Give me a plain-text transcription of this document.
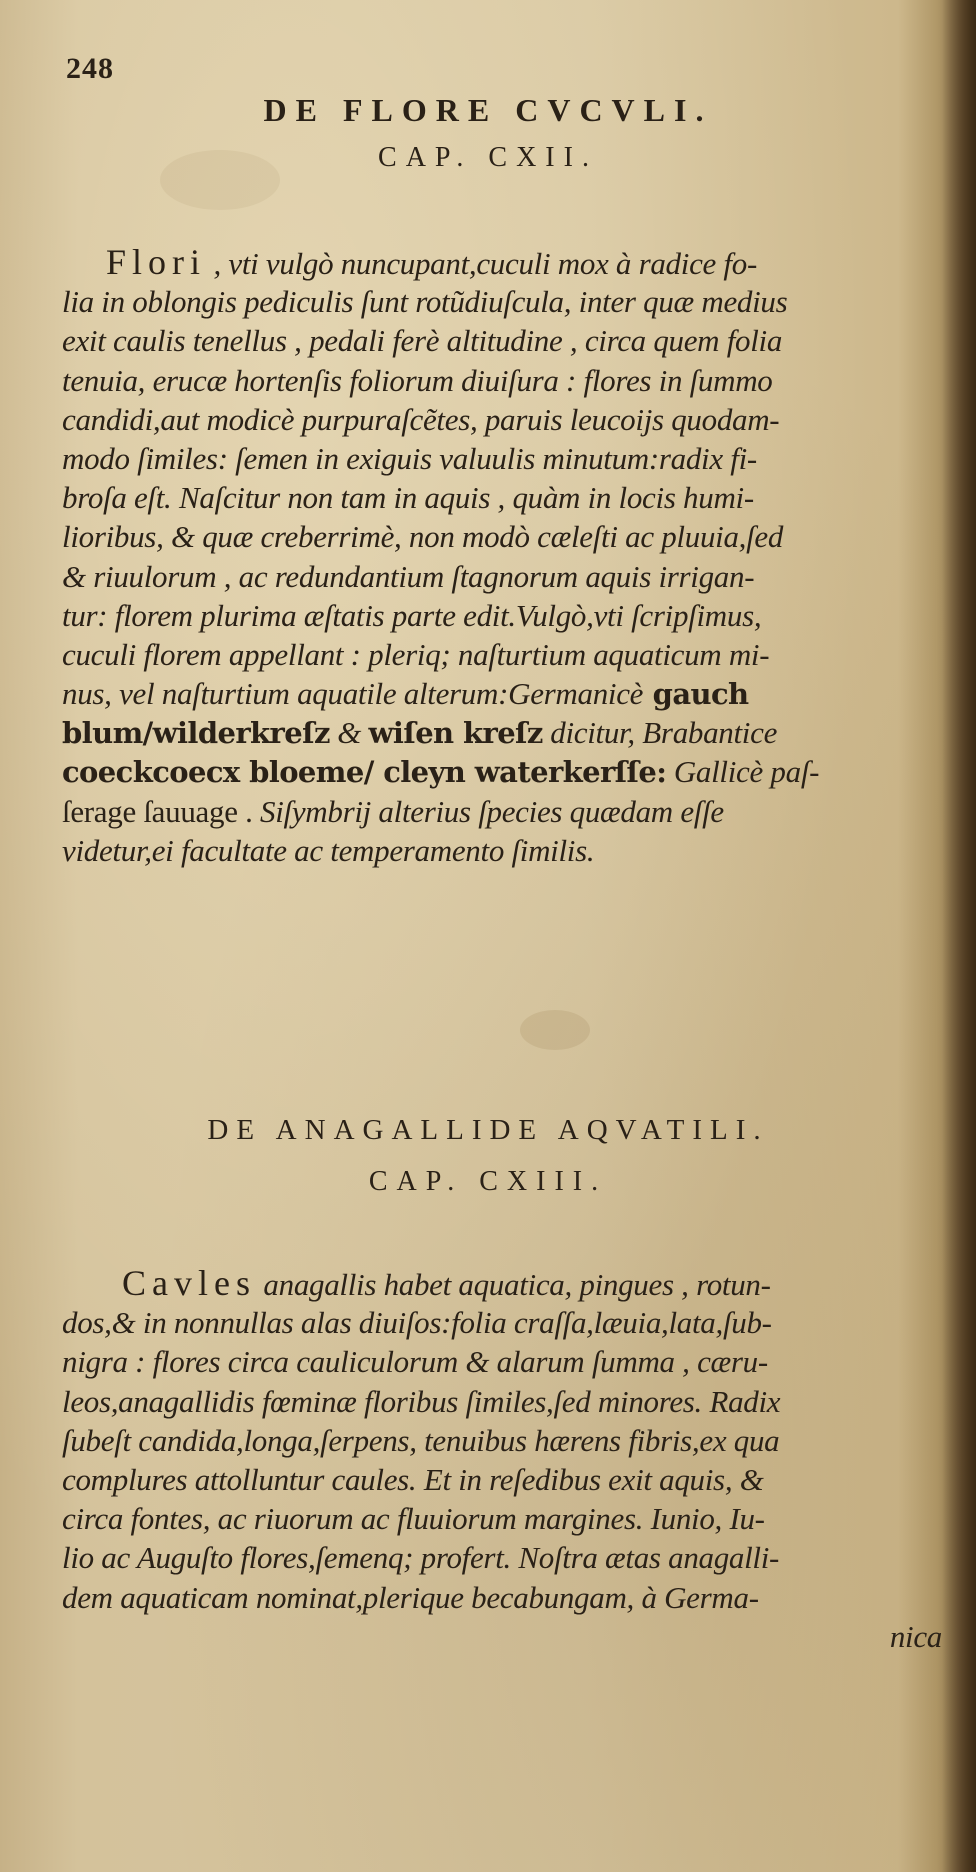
248
DE FLORE CVCVLI.
CAP. CXII.
Flori , vti vulgò nuncupant,cuculi mox à radice fo-
lia in oblongis pediculis ſunt rotũdiuſcula, inter quæ medius
exit caulis tenellus , pedali ferè altitudine , circa quem folia
tenuia, erucæ hortenſis foliorum diuiſura : flores in ſummo
candidi,aut modicè purpuraſcẽtes, paruis leucoijs quodam-
modo ſimiles: ſemen in exiguis valuulis minutum:radix fi-
broſa eſt. Naſcitur non tam in aquis , quàm in locis humi-
lioribus, & quæ creberrimè, non modò cæleſti ac pluuia,ſed
& riuulorum , ac redundantium ſtagnorum aquis irrigan-
tur: florem plurima æſtatis parte edit.Vulgò,vti ſcripſimus,
cuculi florem appellant : pleriq; naſturtium aquaticum mi-
nus, vel naſturtium aquatile alterum:Germanicè gauch
blum/wilderkreſz & wiſen kreſz dicitur, Brabantice
coeckcoecx bloeme/ cleyn waterkerſſe: Gallicè paſ-
ſerage ſauuage . Siſymbrij alterius ſpecies quædam eſſe
videtur,ei facultate ac temperamento ſimilis.
DE ANAGALLIDE AQVATILI.
CAP. CXIII.
Cavles anagallis habet aquatica, pingues , rotun-
dos,& in nonnullas alas diuiſos:folia craſſa,læuia,lata,ſub-
nigra : flores circa cauliculorum & alarum ſumma , cæru-
leos,anagallidis fœminæ floribus ſimiles,ſed minores. Radix
ſubeſt candida,longa,ſerpens, tenuibus hærens fibris,ex qua
complures attolluntur caules. Et in reſedibus exit aquis, &
circa fontes, ac riuorum ac fluuiorum margines. Iunio, Iu-
lio ac Auguſto flores,ſemenq; profert. Noſtra ætas anagalli-
dem aquaticam nominat,plerique becabungam, à Germa-
nica
